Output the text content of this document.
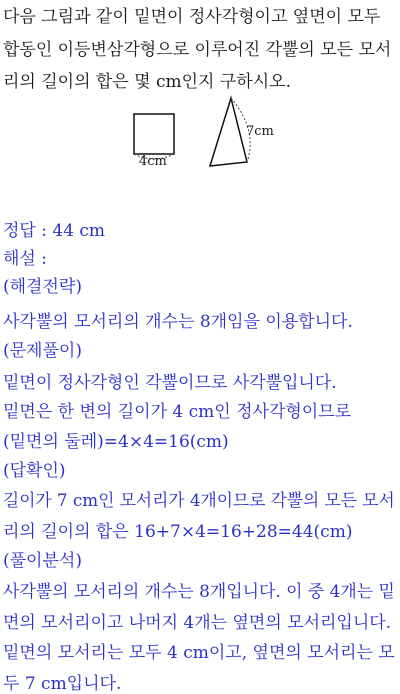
다음 그림과 같이 밑면이 정사각형이고 옆면이 모두
합동인 이등변삼각형으로 이루어진 각뿔의 모든 모서
리의 길이의 합은 몇 cm인지 구하시오.
4cm
7cm
정답 : 44 cm
해설 :
(해결전략)
사각뿔의 모서리의 개수는 8개임을 이용합니다.
(문제풀이)
밑면이 정사각형인 각뿔이므로 사각뿔입니다.
밑면은 한 변의 길이가 4 cm인 정사각형이므로
(밑면의 둘레)=4×4=16(cm)
(답확인)
길이가 7 cm인 모서리가 4개이므로 각뿔의 모든 모서
리의 길이의 합은 16+7×4=16+28=44(cm)
(풀이분석)
사각뿔의 모서리의 개수는 8개입니다. 이 중 4개는 밑
면의 모서리이고 나머지 4개는 옆면의 모서리입니다.
밑면의 모서리는 모두 4 cm이고, 옆면의 모서리는 모
두 7 cm입니다.
